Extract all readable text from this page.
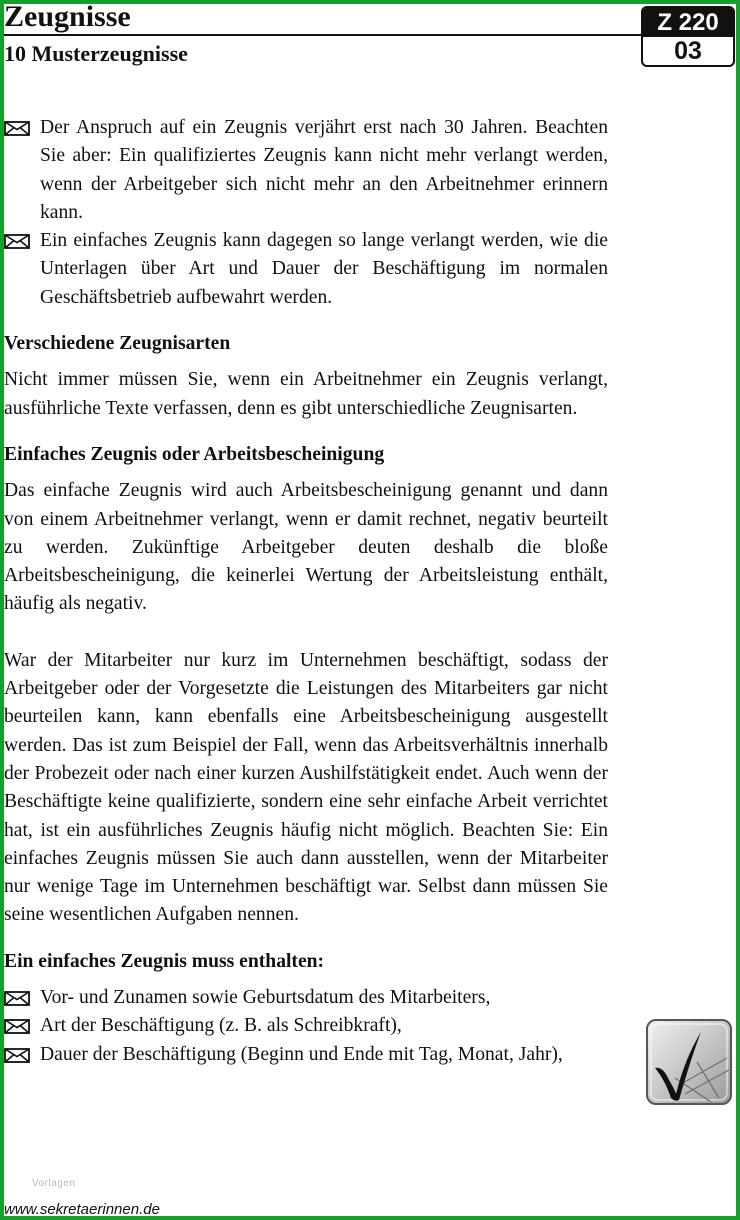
Zeugnisse
10 Musterzeugnisse
Z 220
03
Der Anspruch auf ein Zeugnis verjährt erst nach 30 Jahren. Beachten Sie aber: Ein qualifiziertes Zeugnis kann nicht mehr verlangt werden, wenn der Arbeitgeber sich nicht mehr an den Arbeitnehmer erinnern kann.
Ein einfaches Zeugnis kann dagegen so lange verlangt werden, wie die Unterlagen über Art und Dauer der Beschäftigung im normalen Geschäftsbetrieb aufbewahrt werden.
Verschiedene Zeugnisarten

Nicht immer müssen Sie, wenn ein Arbeitnehmer ein Zeugnis verlangt, ausführliche Texte verfassen, denn es gibt unterschiedliche Zeugnisarten.

Einfaches Zeugnis oder Arbeitsbescheinigung

Das einfache Zeugnis wird auch Arbeitsbescheinigung genannt und dann von einem Arbeitnehmer verlangt, wenn er damit rechnet, negativ beurteilt zu werden. Zukünftige Arbeitgeber deuten deshalb die bloße Arbeitsbescheinigung, die keinerlei Wertung der Arbeitsleistung enthält, häufig als negativ.

War der Mitarbeiter nur kurz im Unternehmen beschäftigt, sodass der Arbeitgeber oder der Vorgesetzte die Leistungen des Mitarbeiters gar nicht beurteilen kann, kann ebenfalls eine Arbeitsbescheinigung ausgestellt werden. Das ist zum Beispiel der Fall, wenn das Arbeitsverhältnis innerhalb der Probezeit oder nach einer kurzen Aushilfstätigkeit endet. Auch wenn der Beschäftigte keine qualifizierte, sondern eine sehr einfache Arbeit verrichtet hat, ist ein ausführliches Zeugnis häufig nicht möglich. Beachten Sie: Ein einfaches Zeugnis müssen Sie auch dann ausstellen, wenn der Mitarbeiter nur wenige Tage im Unternehmen beschäftigt war. Selbst dann müssen Sie seine wesentlichen Aufgaben nennen.

Ein einfaches Zeugnis muss enthalten:
Vor- und Zunamen sowie Geburtsdatum des Mitarbeiters,
Art der Beschäftigung (z. B. als Schreibkraft),
Dauer der Beschäftigung (Beginn und Ende mit Tag, Monat, Jahr),
Vorlagen
www.sekretaerinnen.de
